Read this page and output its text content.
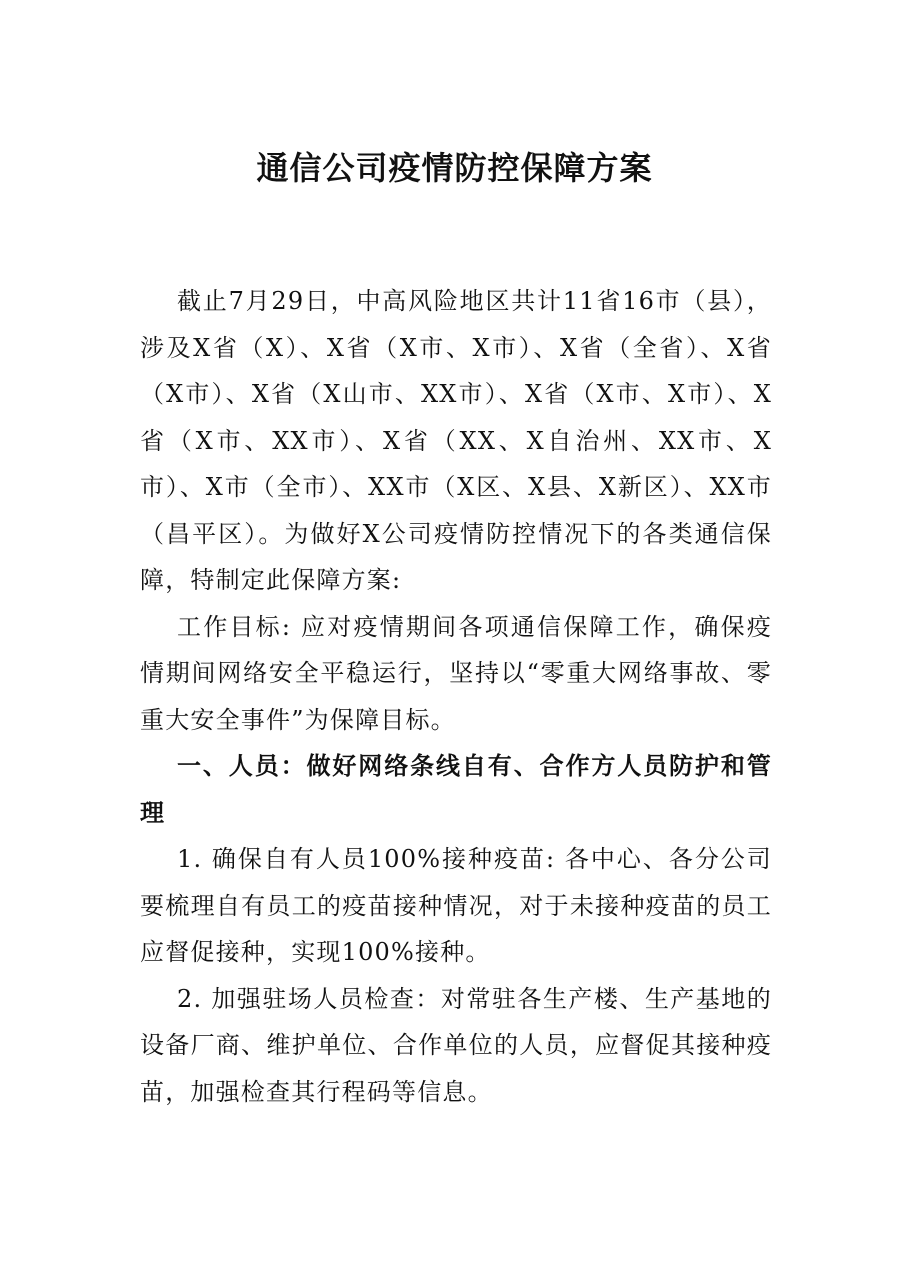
通信公司疫情防控保障方案

截止7月29日，中高风险地区共计11省16市（县），涉及X省（X）、X省（X市、X市）、X省（全省）、X省（X市）、X省（X山市、XX市）、X省（X市、X市）、X省（X市、XX市）、X省（XX、X自治州、XX市、X市）、X市（全市）、XX市（X区、X县、X新区）、XX市（昌平区）。为做好X公司疫情防控情况下的各类通信保障，特制定此保障方案:

工作目标: 应对疫情期间各项通信保障工作，确保疫情期间网络安全平稳运行，坚持以“零重大网络事故、零重大安全事件”为保障目标。

一、人员：做好网络条线自有、合作方人员防护和管理

1. 确保自有人员100%接种疫苗: 各中心、各分公司要梳理自有员工的疫苗接种情况，对于未接种疫苗的员工应督促接种，实现100%接种。

2. 加强驻场人员检查：对常驻各生产楼、生产基地的设备厂商、维护单位、合作单位的人员，应督促其接种疫苗，加强检查其行程码等信息。
